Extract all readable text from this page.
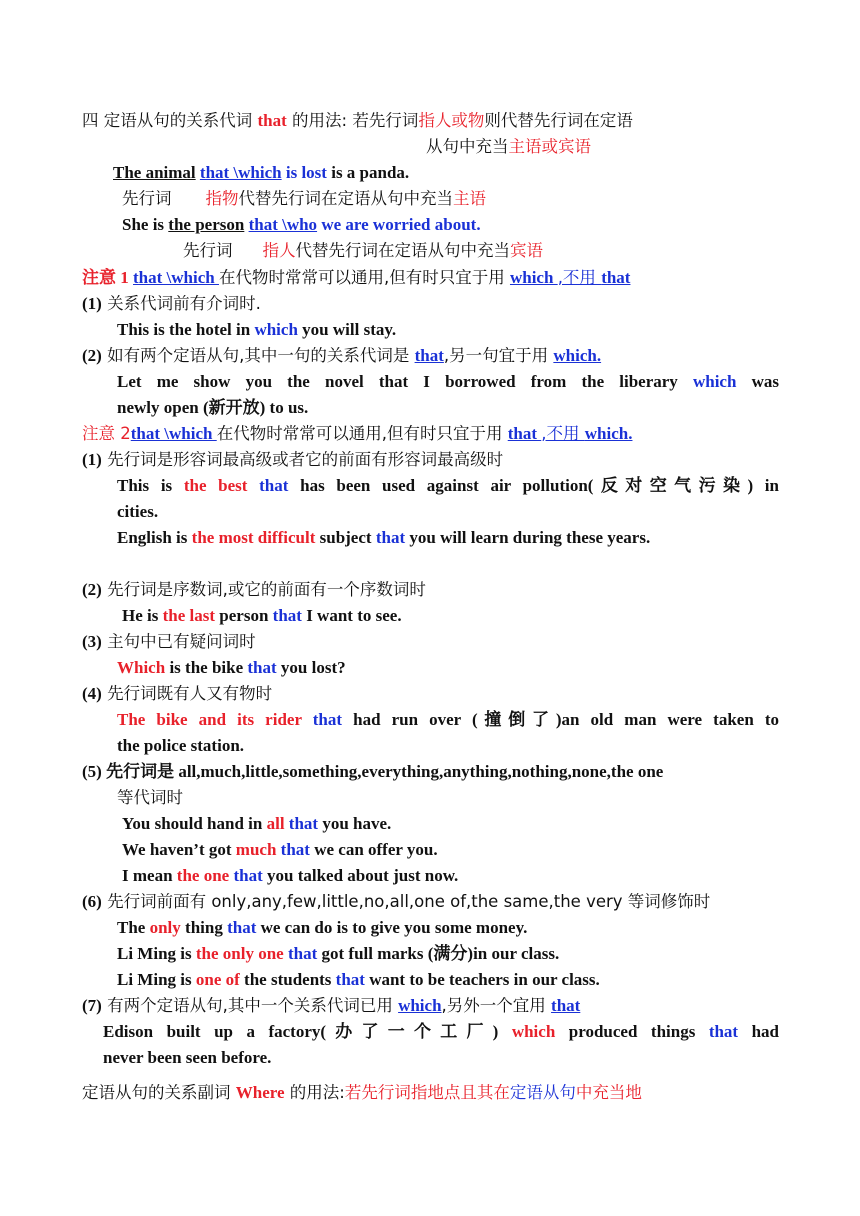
四 定语从句的关系代词 that 的用法: 若先行词指人或物则代替先行词在定语
从句中充当主语或宾语
The animal that \which is lost is a panda.
先行词 指物代替先行词在定语从句中充当主语
She is the person that \who we are worried about.
先行词 指人代替先行词在定语从句中充当宾语
注意 1 that \which 在代物时常常可以通用,但有时只宜于用 which ,不用 that
(1) 关系代词前有介词时.
This is the hotel in which you will stay.
(2) 如有两个定语从句,其中一句的关系代词是 that,另一句宜于用 which.
Let me show you the novel that I borrowed from the liberary which was
newly open (新开放) to us.
注意 2that \which 在代物时常常可以通用,但有时只宜于用 that ,不用 which.
(1) 先行词是形容词最高级或者它的前面有形容词最高级时
This is the best that has been used against air pollution(反对空气污染) in
cities.
English is the most difficult subject that you will learn during these years.
(2) 先行词是序数词,或它的前面有一个序数词时
He is the last person that I want to see.
(3) 主句中已有疑问词时
Which is the bike that you lost?
(4) 先行词既有人又有物时
The bike and its rider that had run over (撞倒了)an old man were taken to
the police station.
(5) 先行词是 all,much,little,something,everything,anything,nothing,none,the one
等代词时
You should hand in all that you have.
We haven’t got much that we can offer you.
I mean the one that you talked about just now.
(6) 先行词前面有 only,any,few,little,no,all,one of,the same,the very 等词修饰时
The only thing that we can do is to give you some money.
Li Ming is the only one that got full marks (满分)in our class.
Li Ming is one of the students that want to be teachers in our class.
(7) 有两个定语从句,其中一个关系代词已用 which,另外一个宜用 that
Edison built up a factory(办了一个工厂) which produced things that had
never been seen before.
定语从句的关系副词 Where 的用法:若先行词指地点且其在定语从句中充当地
